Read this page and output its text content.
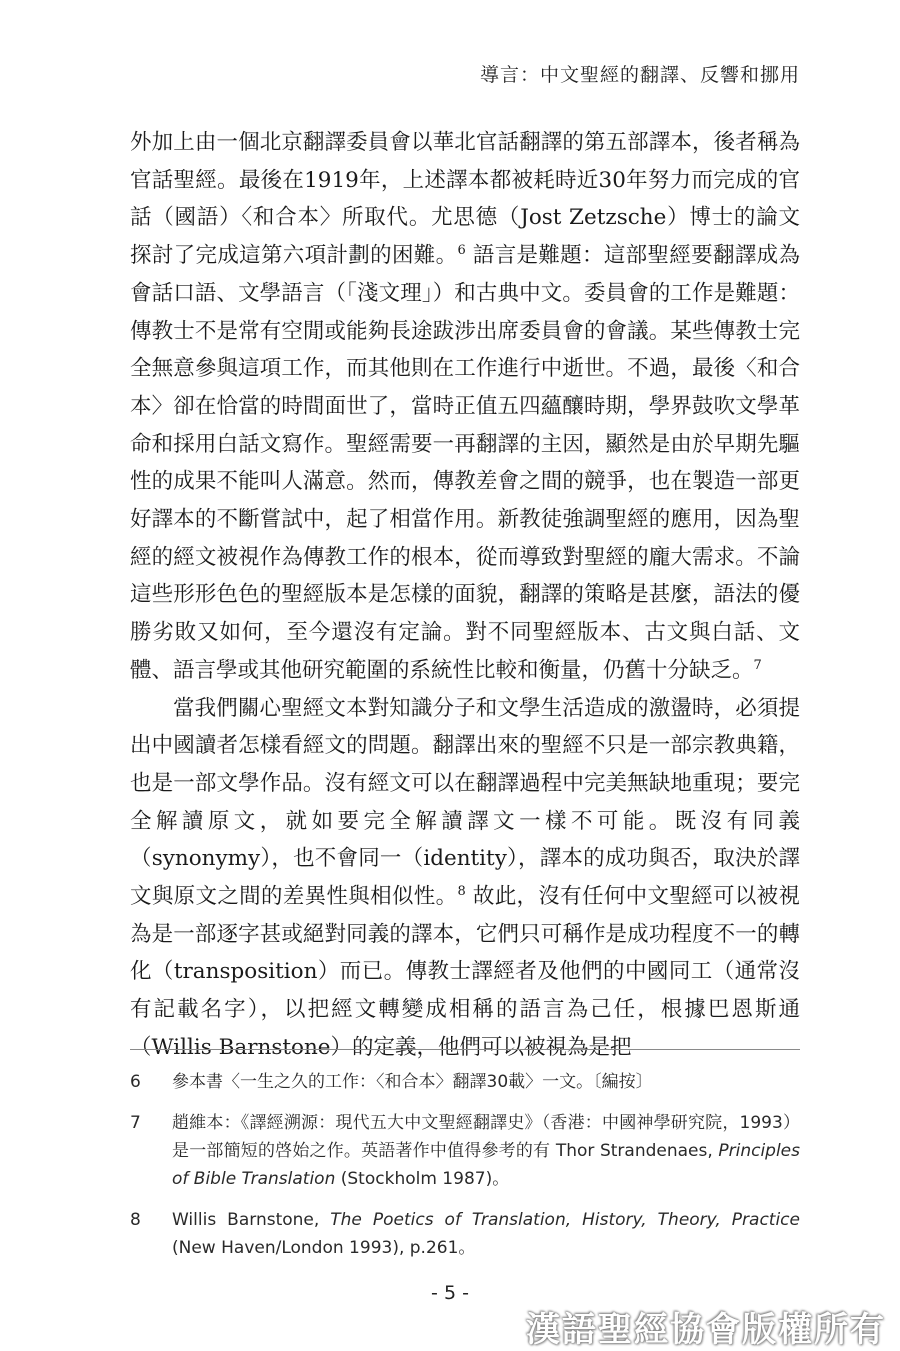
導言：中文聖經的翻譯、反響和挪用

外加上由一個北京翻譯委員會以華北官話翻譯的第五部譯本，後者稱為官話聖經。最後在1919年，上述譯本都被耗時近30年努力而完成的官話（國語）〈和合本〉所取代。尤思德（Jost Zetzsche）博士的論文探討了完成這第六項計劃的困難。$^6$ 語言是難題：這部聖經要翻譯成為會話口語、文學語言（「淺文理」）和古典中文。委員會的工作是難題：傳教士不是常有空閒或能夠長途跋涉出席委員會的會議。某些傳教士完全無意參與這項工作，而其他則在工作進行中逝世。不過，最後〈和合本〉卻在恰當的時間面世了，當時正值五四蘊釀時期，學界鼓吹文學革命和採用白話文寫作。聖經需要一再翻譯的主因，顯然是由於早期先驅性的成果不能叫人滿意。然而，傳教差會之間的競爭，也在製造一部更好譯本的不斷嘗試中，起了相當作用。新教徒強調聖經的應用，因為聖經的經文被視作為傳教工作的根本，從而導致對聖經的龐大需求。不論這些形形色色的聖經版本是怎樣的面貌，翻譯的策略是甚麼，語法的優勝劣敗又如何，至今還沒有定論。對不同聖經版本、古文與白話、文體、語言學或其他研究範圍的系統性比較和衡量，仍舊十分缺乏。$^7$

當我們關心聖經文本對知識分子和文學生活造成的激盪時，必須提出中國讀者怎樣看經文的問題。翻譯出來的聖經不只是一部宗教典籍，也是一部文學作品。沒有經文可以在翻譯過程中完美無缺地重現；要完全解讀原文，就如要完全解讀譯文一樣不可能。既沒有同義（synonymy），也不會同一（identity），譯本的成功與否，取決於譯文與原文之間的差異性與相似性。$^8$ 故此，沒有任何中文聖經可以被視為是一部逐字甚或絕對同義的譯本，它們只可稱作是成功程度不一的轉化（transposition）而已。傳教士譯經者及他們的中國同工（通常沒有記載名字），以把經文轉變成相稱的語言為己任，根據巴恩斯通（Willis Barnstone）的定義，他們可以被視為是把

6	參本書〈一生之久的工作：〈和合本〉翻譯30載〉一文。〔編按〕
7	趙維本：《譯經溯源：現代五大中文聖經翻譯史》（香港：中國神學研究院，1993）是一部簡短的啓始之作。英語著作中值得參考的有 Thor Strandenaes, Principles of Bible Translation (Stockholm 1987)。
8	Willis Barnstone, The Poetics of Translation, History, Theory, Practice (New Haven/London 1993), p.261。
- 5 -
漢語聖經協會版權所有
